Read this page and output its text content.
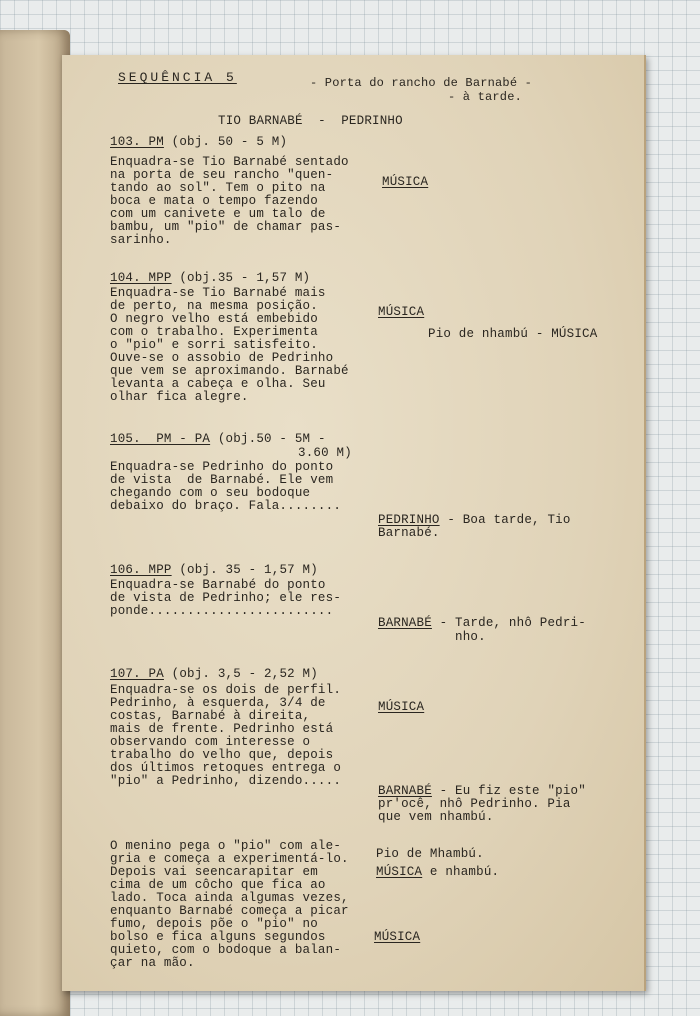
SEQUÊNCIA 5	- Porta do rancho de Barnabé -
- à tarde.
TIO BARNABÉ  -  PEDRINHO
103. PM (obj. 50 - 5 M)
Enquadra-se Tio Barnabé sentado
na porta de seu rancho "quen-
tando ao sol". Tem o pito na
boca e mata o tempo fazendo
com um canivete e um talo de
bambu, um "pio" de chamar pas-
sarinho.
MÚSICA
104. MPP (obj.35 - 1,57 M)
Enquadra-se Tio Barnabé mais
de perto, na mesma posição.
O negro velho está embebido
com o trabalho. Experimenta
o "pio" e sorri satisfeito.
Ouve-se o assobio de Pedrinho
que vem se aproximando. Barnabé
levanta a cabeça e olha. Seu
olhar fica alegre.
MÚSICA
Pio de nhambú - MÚSICA
105.  PM - PA (obj.50 - 5M -
3.60 M)
Enquadra-se Pedrinho do ponto
de vista  de Barnabé. Ele vem
chegando com o seu bodoque
debaixo do braço. Fala........
PEDRINHO - Boa tarde, Tio
Barnabé.
106. MPP (obj. 35 - 1,57 M)
Enquadra-se Barnabé do ponto
de vista de Pedrinho; ele res-
ponde........................
BARNABÉ - Tarde, nhô Pedri-
nho.
107. PA (obj. 3,5 - 2,52 M)
Enquadra-se os dois de perfil.
Pedrinho, à esquerda, 3/4 de
costas, Barnabé à direita,
mais de frente. Pedrinho está
observando com interesse o
trabalho do velho que, depois
dos últimos retoques entrega o
"pio" a Pedrinho, dizendo.....
MÚSICA
BARNABÉ - Eu fiz este "pio"
pr'ocê, nhô Pedrinho. Pia
que vem nhambú.
O menino pega o "pio" com ale-
gria e começa a experimentá-lo.
Depois vai seencarapitar em
cima de um côcho que fica ao
lado. Toca ainda algumas vezes,
enquanto Barnabé começa a picar
fumo, depois põe o "pio" no
bolso e fica alguns segundos
quieto, com o bodoque a balan-
çar na mão.
Pio de Mhambú.
MÚSICA e nhambú.
MÚSICA
